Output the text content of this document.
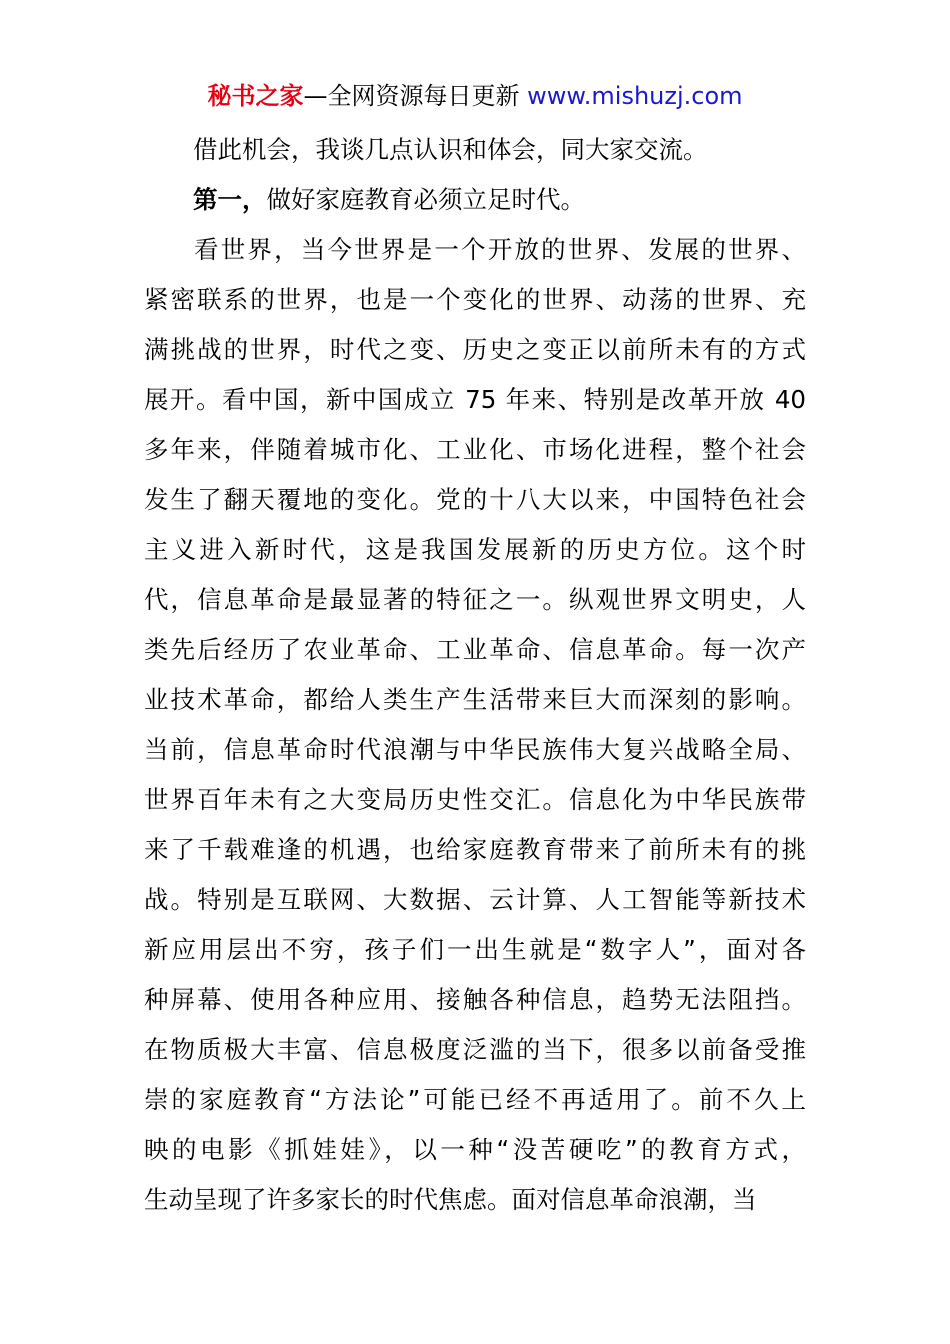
秘书之家—全网资源每日更新 www.mishuzj.com

借此机会，我谈几点认识和体会，同大家交流。

第一，做好家庭教育必须立足时代。

看世界，当今世界是一个开放的世界、发展的世界、
紧密联系的世界，也是一个变化的世界、动荡的世界、充
满挑战的世界，时代之变、历史之变正以前所未有的方式
展开。看中国，新中国成立 75 年来、特别是改革开放 40
多年来，伴随着城市化、工业化、市场化进程，整个社会
发生了翻天覆地的变化。党的十八大以来，中国特色社会
主义进入新时代，这是我国发展新的历史方位。这个时
代，信息革命是最显著的特征之一。纵观世界文明史，人
类先后经历了农业革命、工业革命、信息革命。每一次产
业技术革命，都给人类生产生活带来巨大而深刻的影响。
当前，信息革命时代浪潮与中华民族伟大复兴战略全局、
世界百年未有之大变局历史性交汇。信息化为中华民族带
来了千载难逢的机遇，也给家庭教育带来了前所未有的挑
战。特别是互联网、大数据、云计算、人工智能等新技术
新应用层出不穷，孩子们一出生就是“数字人”，面对各
种屏幕、使用各种应用、接触各种信息，趋势无法阻挡。
在物质极大丰富、信息极度泛滥的当下，很多以前备受推
崇的家庭教育“方法论”可能已经不再适用了。前不久上
映的电影《抓娃娃》，以一种“没苦硬吃”的教育方式，
生动呈现了许多家长的时代焦虑。面对信息革命浪潮，当
